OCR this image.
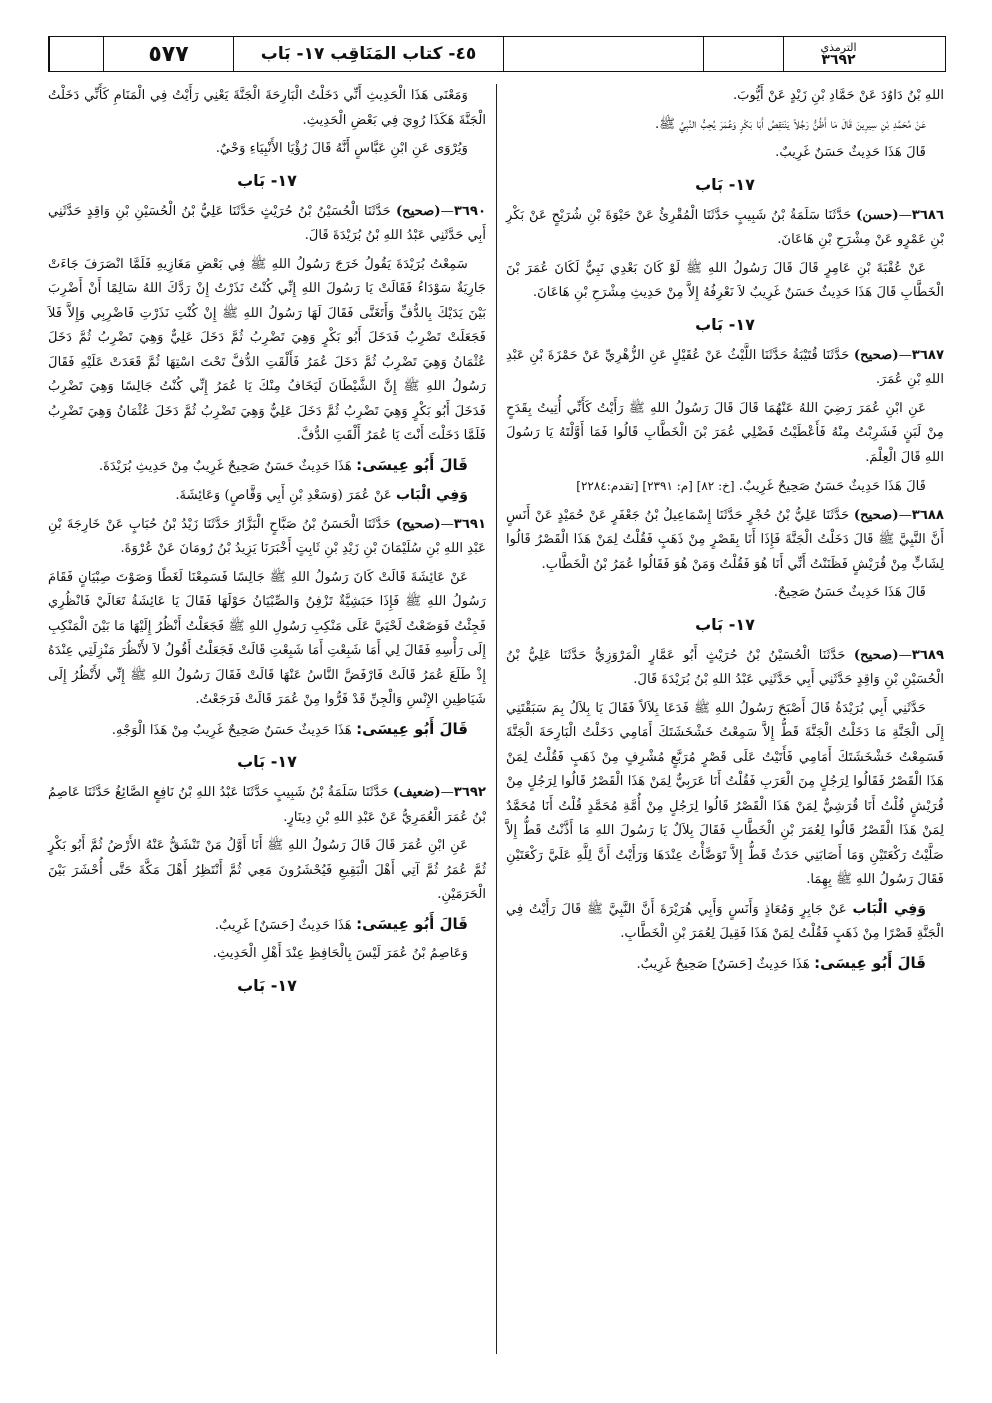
٥٧٧	٤٥- كتاب المَنَاقِب ١٧- بَاب	الترمذي
٣٦٩٢

اللهِ بْنُ دَاوُدَ عَنْ حَمَّادِ بْنِ زَيْدٍ عَنْ أَيُّوبَ.

عَنْ مُحَمَّدِ بْنِ سِيرِينَ قَالَ مَا أَظُنُّ رَجُلاً يَنْتَقِصُ أَبَا بَكْرٍ وَعُمَرَ يُحِبُّ النَّبِيَّ ﷺ.

قَالَ هَذَا حَدِيثٌ حَسَنٌ غَرِيبٌ.

١٧- بَاب

٣٦٨٦—(حسن) حَدَّثَنَا سَلَمَةُ بْنُ شَبِيبٍ حَدَّثَنَا الْمُقْرِئُ عَنْ حَيْوَةَ بْنِ شُرَيْحٍ عَنْ بَكْرِ بْنِ عَمْرٍو عَنْ مِشْرَحِ بْنِ هَاعَانَ.

عَنْ عُقْبَةَ بْنِ عَامِرٍ قَالَ قَالَ رَسُولُ اللهِ ﷺ لَوْ كَانَ بَعْدِي نَبِيٌّ لَكَانَ عُمَرَ بْنَ الْخَطَّابِ قَالَ هَذَا حَدِيثٌ حَسَنٌ غَرِيبٌ لاَ نَعْرِفُهُ إِلاَّ مِنْ حَدِيثِ مِشْرَحِ بْنِ هَاعَانَ.

١٧- بَاب

٣٦٨٧—(صحيح) حَدَّثَنَا قُتَيْبَةُ حَدَّثَنَا اللَّيْثُ عَنْ عُقَيْلٍ عَنِ الزُّهْرِيِّ عَنْ حَمْزَةَ بْنِ عَبْدِ اللهِ بْنِ عُمَرَ.

عَنِ ابْنِ عُمَرَ رَضِيَ اللهُ عَنْهُمَا قَالَ قَالَ رَسُولُ اللهِ ﷺ رَأَيْتُ كَأَنِّي أُتِيتُ بِقَدَحٍ مِنْ لَبَنٍ فَشَرِبْتُ مِنْهُ فَأَعْطَيْتُ فَضْلِي عُمَرَ بْنَ الْخَطَّابِ قَالُوا فَمَا أَوَّلْتَهُ يَا رَسُولَ اللهِ قَالَ الْعِلْمَ.

قَالَ هَذَا حَدِيثٌ حَسَنٌ صَحِيحٌ غَرِيبٌ. [خ: ٨٢] [م: ٢٣٩١] [تقدم:٢٢٨٤]

٣٦٨٨—(صحيح) حَدَّثَنَا عَلِيُّ بْنُ حُجْرٍ حَدَّثَنَا إِسْمَاعِيلُ بْنُ جَعْفَرٍ عَنْ حُمَيْدٍ عَنْ أَنَسٍ أَنَّ النَّبِيَّ ﷺ قَالَ دَخَلْتُ الْجَنَّةَ فَإِذَا أَنَا بِقَصْرٍ مِنْ ذَهَبٍ فَقُلْتُ لِمَنْ هَذَا الْقَصْرُ قَالُوا لِشَابٍّ مِنْ قُرَيْشٍ فَظَنَنْتُ أَنِّي أَنَا هُوَ فَقُلْتُ وَمَنْ هُوَ فَقَالُوا عُمَرُ بْنُ الْخَطَّابِ.

قَالَ هَذَا حَدِيثٌ حَسَنٌ صَحِيحٌ.

١٧- بَاب

٣٦٨٩—(صحيح) حَدَّثَنَا الْحُسَيْنُ بْنُ حُرَيْثٍ أَبُو عَمَّارٍ الْمَرْوَزِيُّ حَدَّثَنَا عَلِيُّ بْنُ الْحُسَيْنِ بْنِ وَاقِدٍ حَدَّثَنِي أَبِي حَدَّثَنِي عَبْدُ اللهِ بْنُ بُرَيْدَةَ قَالَ.

حَدَّثَنِي أَبِي بُرَيْدَةُ قَالَ أَصْبَحَ رَسُولُ اللهِ ﷺ فَدَعَا بِلاَلاً فَقَالَ يَا بِلاَلُ بِمَ سَبَقْتَنِي إِلَى الْجَنَّةِ مَا دَخَلْتُ الْجَنَّةَ قَطُّ إِلاَّ سَمِعْتُ خَشْخَشَتَكَ أَمَامِي دَخَلْتُ الْبَارِحَةَ الْجَنَّةَ فَسَمِعْتُ خَشْخَشَتَكَ أَمَامِي فَأَتَيْتُ عَلَى قَصْرٍ مُرَبَّعٍ مُشْرِفٍ مِنْ ذَهَبٍ فَقُلْتُ لِمَنْ هَذَا الْقَصْرُ فَقَالُوا لِرَجُلٍ مِنَ الْعَرَبِ فَقُلْتُ أَنَا عَرَبِيٌّ لِمَنْ هَذَا الْقَصْرُ قَالُوا لِرَجُلٍ مِنْ قُرَيْشٍ قُلْتُ أَنَا قُرَشِيٌّ لِمَنْ هَذَا الْقَصْرُ قَالُوا لِرَجُلٍ مِنْ أُمَّةِ مُحَمَّدٍ قُلْتُ أَنَا مُحَمَّدٌ لِمَنْ هَذَا الْقَصْرُ قَالُوا لِعُمَرَ بْنِ الْخَطَّابِ فَقَالَ بِلاَلٌ يَا رَسُولَ اللهِ مَا أَذَّنْتُ قَطُّ إِلاَّ صَلَّيْتُ رَكْعَتَيْنِ وَمَا أَصَابَنِي حَدَثٌ قَطُّ إِلاَّ تَوَضَّأْتُ عِنْدَهَا وَرَأَيْتُ أَنَّ لِلَّهِ عَلَيَّ رَكْعَتَيْنِ فَقَالَ رَسُولُ اللهِ ﷺ بِهِمَا.

وَفِي الْبَاب عَنْ جَابِرٍ وَمُعَاذٍ وَأَنَسٍ وَأَبِي هُرَيْرَةَ أَنَّ النَّبِيَّ ﷺ قَالَ رَأَيْتُ فِي الْجَنَّةِ قَصْرًا مِنْ ذَهَبٍ فَقُلْتُ لِمَنْ هَذَا فَقِيلَ لِعُمَرَ بْنِ الْخَطَّابِ.

قَالَ أَبُو عِيسَى: هَذَا حَدِيثٌ [حَسَنٌ] صَحِيحٌ غَرِيبٌ.

وَمَعْنَى هَذَا الْحَدِيثِ أَنِّي دَخَلْتُ الْبَارِحَةَ الْجَنَّةَ يَعْنِي رَأَيْتُ فِي الْمَنَامِ كَأَنِّي دَخَلْتُ الْجَنَّةَ هَكَذَا رُوِيَ فِي بَعْضِ الْحَدِيثِ.

وَيُرْوَى عَنِ ابْنِ عَبَّاسٍ أَنَّهُ قَالَ رُؤْيَا الأَنْبِيَاءِ وَحْيٌ.

١٧- بَاب

٣٦٩٠—(صحيح) حَدَّثَنَا الْحُسَيْنُ بْنُ حُرَيْثٍ حَدَّثَنَا عَلِيُّ بْنُ الْحُسَيْنِ بْنِ وَاقِدٍ حَدَّثَنِي أَبِي حَدَّثَنِي عَبْدُ اللهِ بْنُ بُرَيْدَةَ قَالَ.

سَمِعْتُ بُرَيْدَةَ يَقُولُ خَرَجَ رَسُولُ اللهِ ﷺ فِي بَعْضِ مَغَازِيهِ فَلَمَّا انْصَرَفَ جَاءَتْ جَارِيَةٌ سَوْدَاءُ فَقَالَتْ يَا رَسُولَ اللهِ إِنِّي كُنْتُ نَذَرْتُ إِنْ رَدَّكَ اللهُ سَالِمًا أَنْ أَضْرِبَ بَيْنَ يَدَيْكَ بِالدُّفِّ وَأَتَغَنَّى فَقَالَ لَهَا رَسُولُ اللهِ ﷺ إِنْ كُنْتِ نَذَرْتِ فَاضْرِبِي وَإِلاَّ فَلاَ فَجَعَلَتْ تَضْرِبُ فَدَخَلَ أَبُو بَكْرٍ وَهِيَ تَضْرِبُ ثُمَّ دَخَلَ عَلِيٌّ وَهِيَ تَضْرِبُ ثُمَّ دَخَلَ عُثْمَانُ وَهِيَ تَضْرِبُ ثُمَّ دَخَلَ عُمَرُ فَأَلْقَتِ الدُّفَّ تَحْتَ اسْتِهَا ثُمَّ قَعَدَتْ عَلَيْهِ فَقَالَ رَسُولُ اللهِ ﷺ إِنَّ الشَّيْطَانَ لَيَخَافُ مِنْكَ يَا عُمَرُ إِنِّي كُنْتُ جَالِسًا وَهِيَ تَضْرِبُ فَدَخَلَ أَبُو بَكْرٍ وَهِيَ تَضْرِبُ ثُمَّ دَخَلَ عَلِيٌّ وَهِيَ تَضْرِبُ ثُمَّ دَخَلَ عُثْمَانُ وَهِيَ تَضْرِبُ فَلَمَّا دَخَلْتَ أَنْتَ يَا عُمَرُ أَلْقَتِ الدُّفَّ.

قَالَ أَبُو عِيسَى: هَذَا حَدِيثٌ حَسَنٌ صَحِيحٌ غَرِيبٌ مِنْ حَدِيثِ بُرَيْدَةَ.

وَفِي الْبَاب عَنْ عُمَرَ (وَسَعْدِ بْنِ أَبِي وَقَّاصٍ) وَعَائِشَةَ.

٣٦٩١—(صحيح) حَدَّثَنَا الْحَسَنُ بْنُ صَبَّاحٍ الْبَزَّارُ حَدَّثَنَا زَيْدُ بْنُ حُبَابٍ عَنْ خَارِجَةَ بْنِ عَبْدِ اللهِ بْنِ سُلَيْمَانَ بْنِ زَيْدِ بْنِ ثَابِتٍ أَخْبَرَنَا يَزِيدُ بْنُ رُومَانَ عَنْ عُرْوَةَ.

عَنْ عَائِشَةَ قَالَتْ كَانَ رَسُولُ اللهِ ﷺ جَالِسًا فَسَمِعْنَا لَغَطًا وَصَوْتَ صِبْيَانٍ فَقَامَ رَسُولُ اللهِ ﷺ فَإِذَا حَبَشِيَّةٌ تَزْفِنُ وَالصِّبْيَانُ حَوْلَهَا فَقَالَ يَا عَائِشَةُ تَعَالَيْ فَانْظُرِي فَجِئْتُ فَوَضَعْتُ لَحْيَيَّ عَلَى مَنْكِبِ رَسُولِ اللهِ ﷺ فَجَعَلْتُ أَنْظُرُ إِلَيْهَا مَا بَيْنَ الْمَنْكِبِ إِلَى رَأْسِهِ فَقَالَ لِي أَمَا شَبِعْتِ أَمَا شَبِعْتِ قَالَتْ فَجَعَلْتُ أَقُولُ لاَ لأَنْظُرَ مَنْزِلَتِي عِنْدَهُ إِذْ طَلَعَ عُمَرُ قَالَتْ فَارْفَضَّ النَّاسُ عَنْهَا قَالَتْ فَقَالَ رَسُولُ اللهِ ﷺ إِنِّي لأَنْظُرُ إِلَى شَيَاطِينِ الإِنْسِ وَالْجِنِّ قَدْ فَرُّوا مِنْ عُمَرَ قَالَتْ فَرَجَعْتُ.

قَالَ أَبُو عِيسَى: هَذَا حَدِيثٌ حَسَنٌ صَحِيحٌ غَرِيبٌ مِنْ هَذَا الْوَجْهِ.

١٧- بَاب

٣٦٩٢—(ضعيف) حَدَّثَنَا سَلَمَةُ بْنُ شَبِيبٍ حَدَّثَنَا عَبْدُ اللهِ بْنُ نَافِعٍ الصَّائِغُ حَدَّثَنَا عَاصِمُ بْنُ عُمَرَ الْعُمَرِيُّ عَنْ عَبْدِ اللهِ بْنِ دِينَارٍ.

عَنِ ابْنِ عُمَرَ قَالَ قَالَ رَسُولُ اللهِ ﷺ أَنَا أَوَّلُ مَنْ تَنْشَقُّ عَنْهُ الأَرْضُ ثُمَّ أَبُو بَكْرٍ ثُمَّ عُمَرُ ثُمَّ آتِي أَهْلَ الْبَقِيعِ فَيُحْشَرُونَ مَعِي ثُمَّ أَنْتَظِرُ أَهْلَ مَكَّةَ حَتَّى أُحْشَرَ بَيْنَ الْحَرَمَيْنِ.

قَالَ أَبُو عِيسَى: هَذَا حَدِيثٌ [حَسَنٌ] غَرِيبٌ.

وَعَاصِمُ بْنُ عُمَرَ لَيْسَ بِالْحَافِظِ عِنْدَ أَهْلِ الْحَدِيثِ.

١٧- بَاب
